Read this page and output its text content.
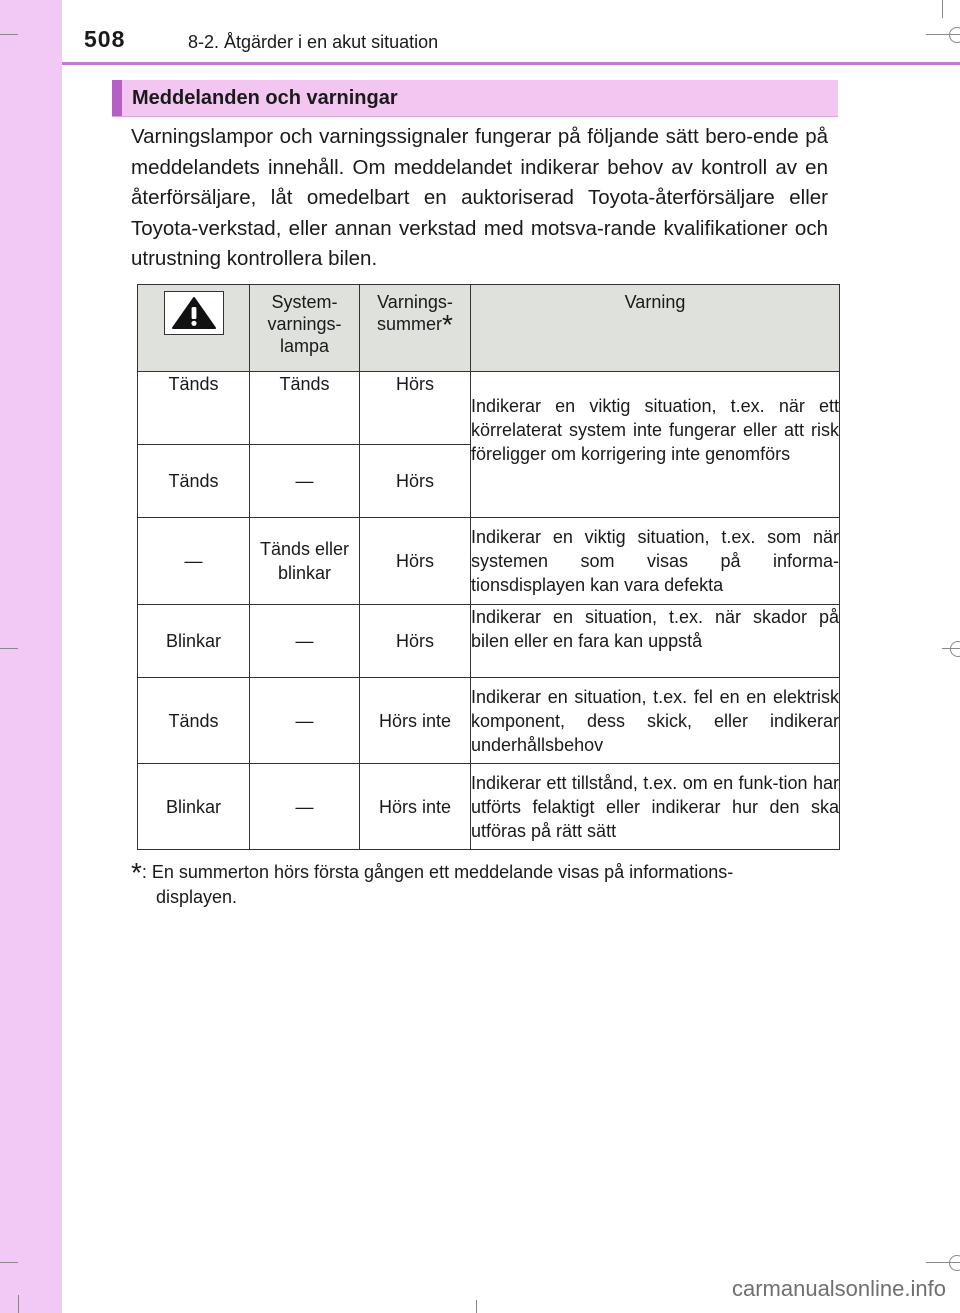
508	8-2. Åtgärder i en akut situation
Meddelanden och varningar

Varningslampor och varningssignaler fungerar på följande sätt bero-ende på meddelandets innehåll. Om meddelandet indikerar behov av kontroll av en återförsäljare, låt omedelbart en auktoriserad Toyota-återförsäljare eller Toyota-verkstad, eller annan verkstad med motsva-rande kvalifikationer och utrustning kontrollera bilen.

	System-varnings-lampa	Varnings-summer*	Varning
Tänds	Tänds	Hörs	Indikerar en viktig situation, t.ex. när ett körrelaterat system inte fungerar eller att risk föreligger om korrigering inte genomförs
Tänds	—	Hörs	
—	Tänds eller blinkar	Hörs	Indikerar en viktig situation, t.ex. som när systemen som visas på informa-tionsdisplayen kan vara defekta
Blinkar	—	Hörs	Indikerar en situation, t.ex. när skador på bilen eller en fara kan uppstå
Tänds	—	Hörs inte	Indikerar en situation, t.ex. fel en en elektrisk komponent, dess skick, eller indikerar underhållsbehov
Blinkar	—	Hörs inte	Indikerar ett tillstånd, t.ex. om en funk-tion har utförts felaktigt eller indikerar hur den ska utföras på rätt sätt
*: En summerton hörs första gången ett meddelande visas på informations-
displayen.
carmanualsonline.info
